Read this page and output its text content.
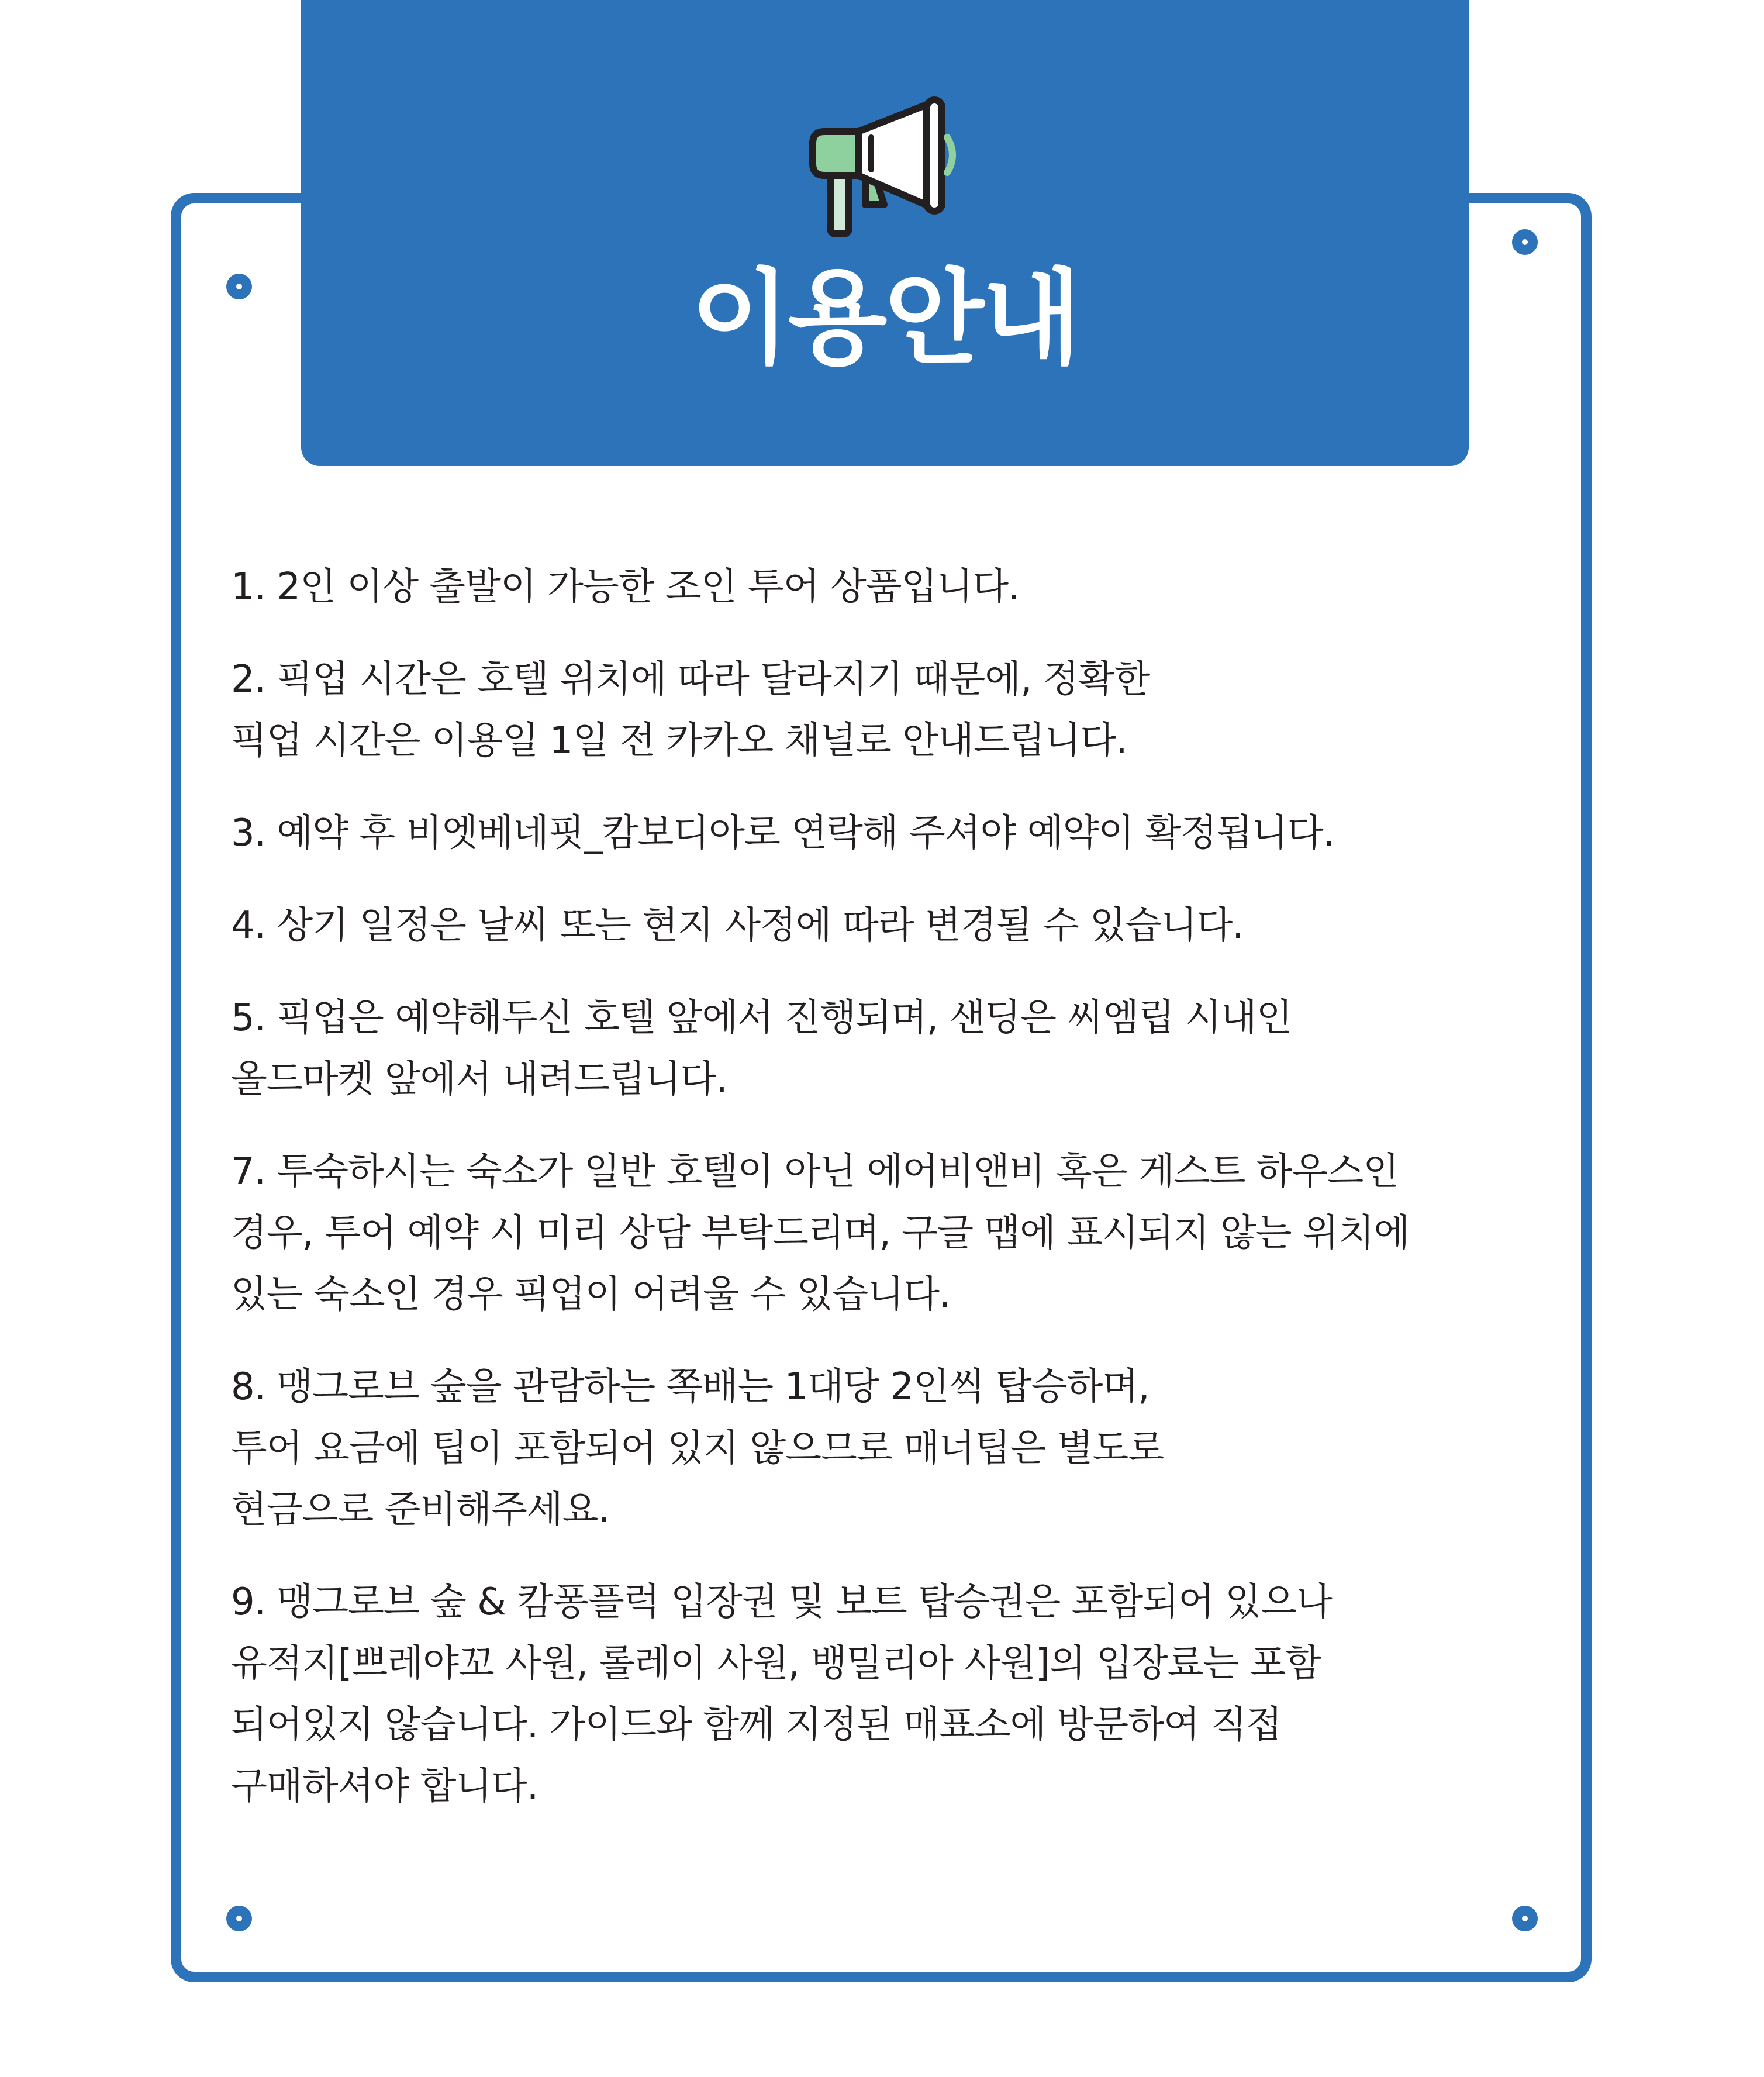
이용안내
1. 2인 이상 출발이 가능한 조인 투어 상품입니다.
2. 픽업 시간은 호텔 위치에 따라 달라지기 때문에, 정확한
픽업 시간은 이용일 1일 전 카카오 채널로 안내드립니다.
3. 예약 후 비엣베네핏_캄보디아로 연락해 주셔야 예약이 확정됩니다.
4. 상기 일정은 날씨 또는 현지 사정에 따라 변경될 수 있습니다.
5. 픽업은 예약해두신 호텔 앞에서 진행되며, 샌딩은 씨엠립 시내인
올드마켓 앞에서 내려드립니다.
7. 투숙하시는 숙소가 일반 호텔이 아닌 에어비앤비 혹은 게스트 하우스인
경우, 투어 예약 시 미리 상담 부탁드리며, 구글 맵에 표시되지 않는 위치에
있는 숙소인 경우 픽업이 어려울 수 있습니다.
8. 맹그로브 숲을 관람하는 쪽배는 1대당 2인씩 탑승하며,
투어 요금에 팁이 포함되어 있지 않으므로 매너팁은 별도로
현금으로 준비해주세요.
9. 맹그로브 숲 & 캄퐁플럭 입장권 및 보트 탑승권은 포함되어 있으나
유적지[쁘레야꼬 사원, 롤레이 사원, 뱅밀리아 사원]의 입장료는 포함
되어있지 않습니다. 가이드와 함께 지정된 매표소에 방문하여 직접
구매하셔야 합니다.
